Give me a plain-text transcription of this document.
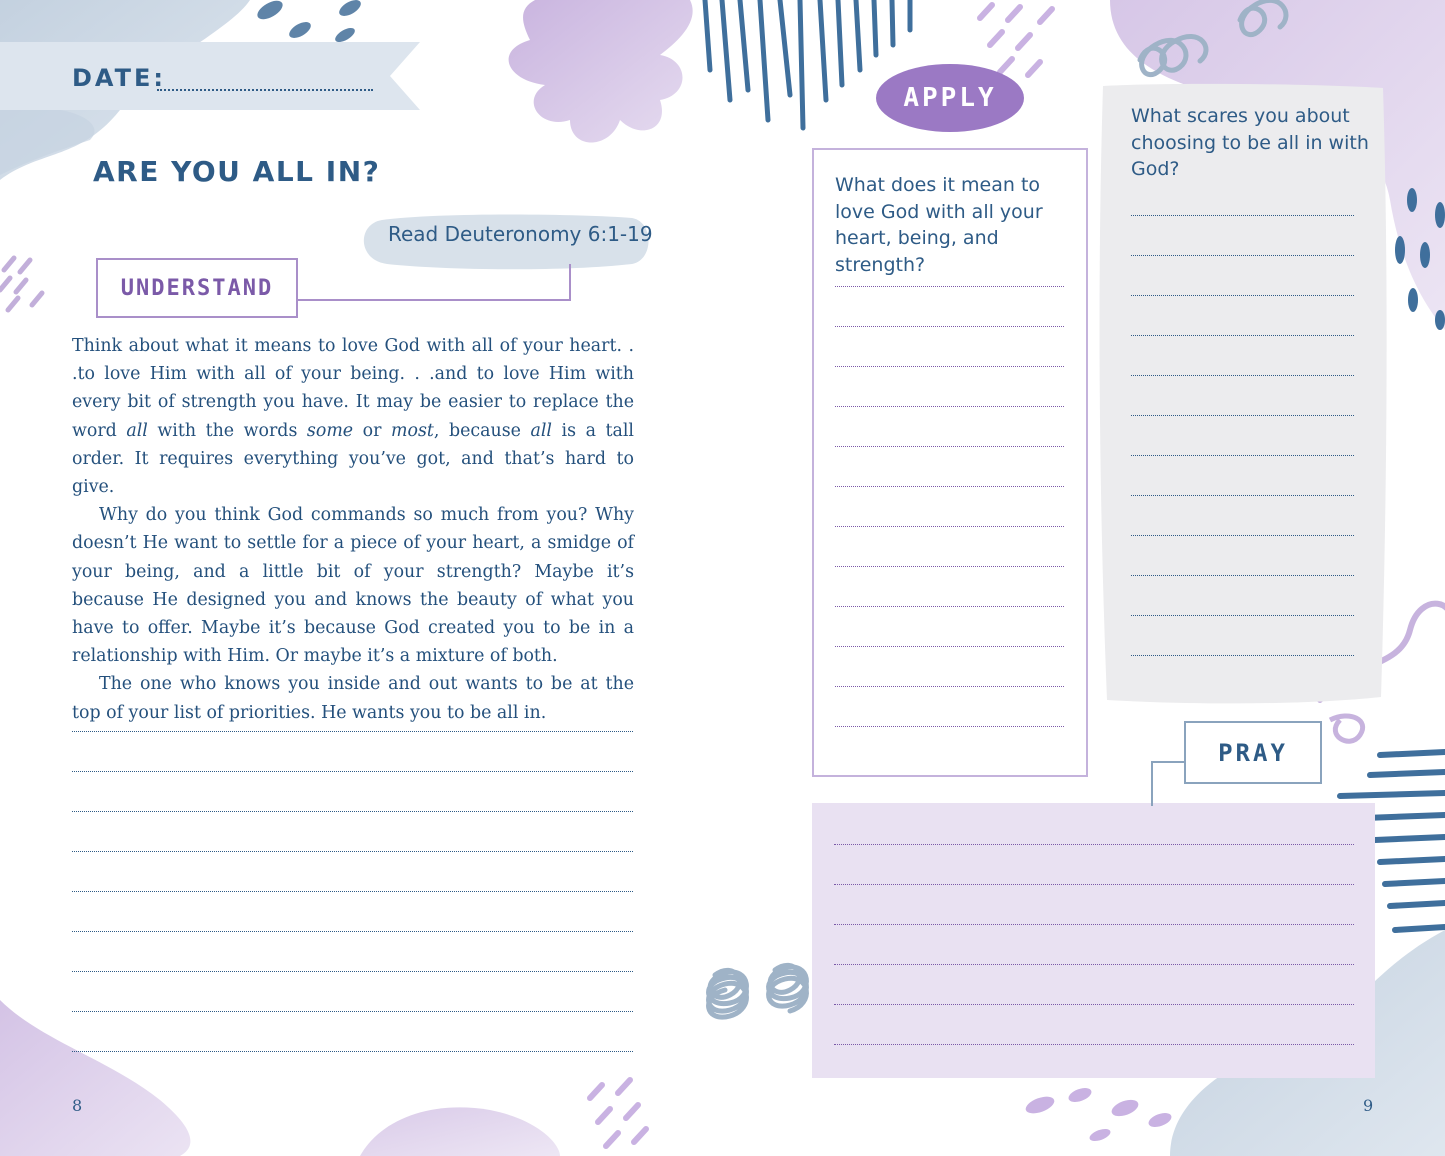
DATE:
ARE YOU ALL IN?
Read Deuteronomy 6:1-19
UNDERSTAND

Think about what it means to love God with all of your heart. . .to love Him with all of your being. . .and to love Him with every bit of strength you have. It may be easier to replace the word all with the words some or most, because all is a tall order. It requires everything you’ve got, and that’s hard to give.

Why do you think God commands so much from you? Why doesn’t He want to settle for a piece of your heart, a smidge of your being, and a little bit of your strength? Maybe it’s because He designed you and knows the beauty of what you have to offer. Maybe it’s because God created you to be in a relationship with Him. Or maybe it’s a mixture of both.

The one who knows you inside and out wants to be at the top of your list of priorities. He wants you to be all in.

8
APPLY
What does it mean to love God with all your heart, being, and strength?
What scares you about choosing to be all in with God?
PRAY
9
